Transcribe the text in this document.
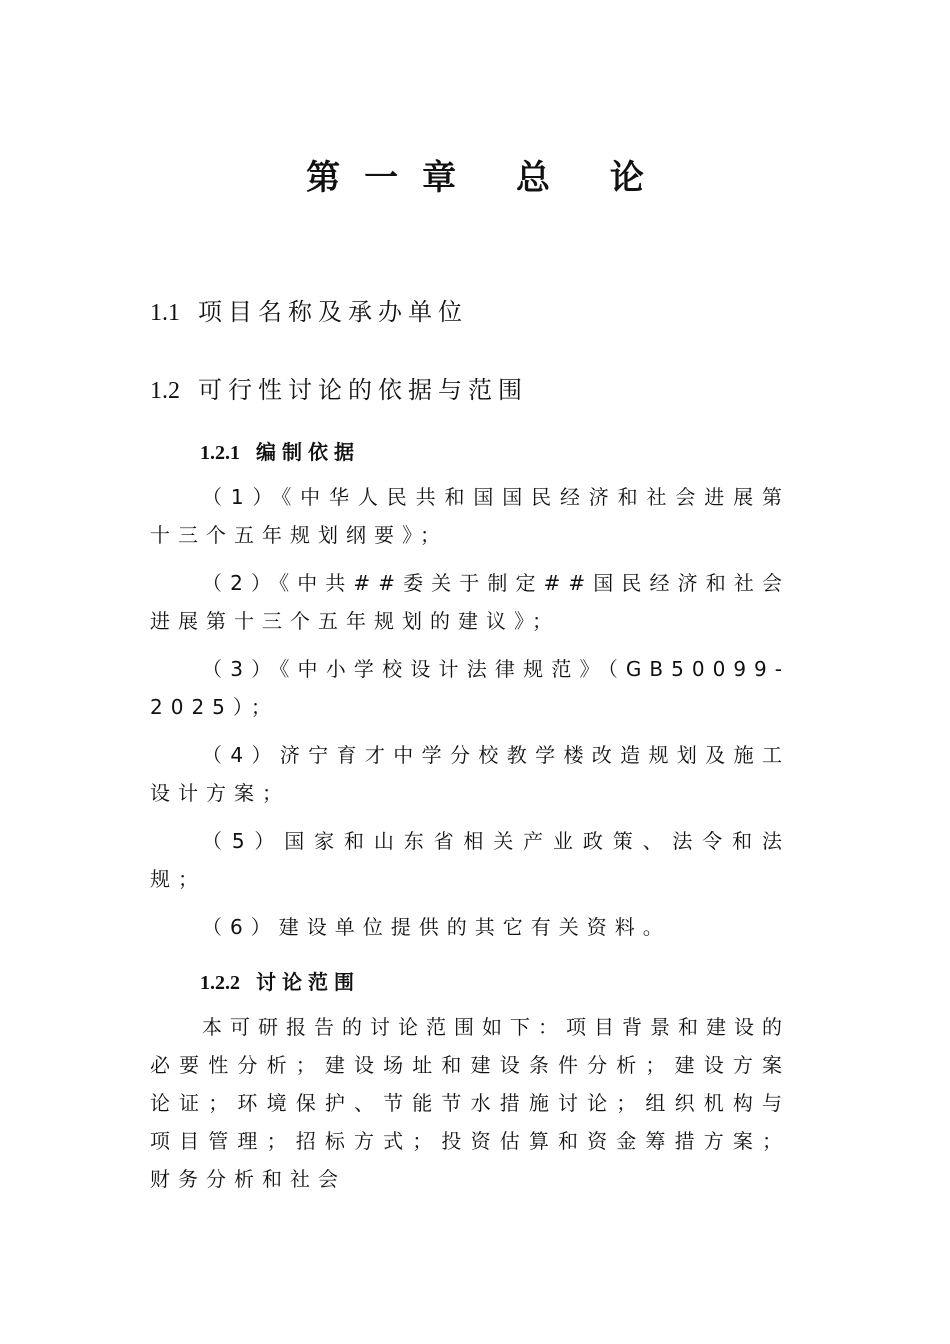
第一章 总 论
1.1 项目名称及承办单位
1.2 可行性讨论的依据与范围
1.2.1 编制依据
（1）《中华人民共和国国民经济和社会进展第十三个五年规划纲要》；
（2）《中共##委关于制定##国民经济和社会进展第十三个五年规划的建议》；
（3）《中小学校设计法律规范》（GB50099-2025）；
（4）济宁育才中学分校教学楼改造规划及施工设计方案；
（5）国家和山东省相关产业政策、法令和法规；
（6）建设单位提供的其它有关资料。
1.2.2 讨论范围
本可研报告的讨论范围如下：项目背景和建设的必要性分析；建设场址和建设条件分析；建设方案论证；环境保护、节能节水措施讨论；组织机构与项目管理；招标方式；投资估算和资金筹措方案；财务分析和社会
